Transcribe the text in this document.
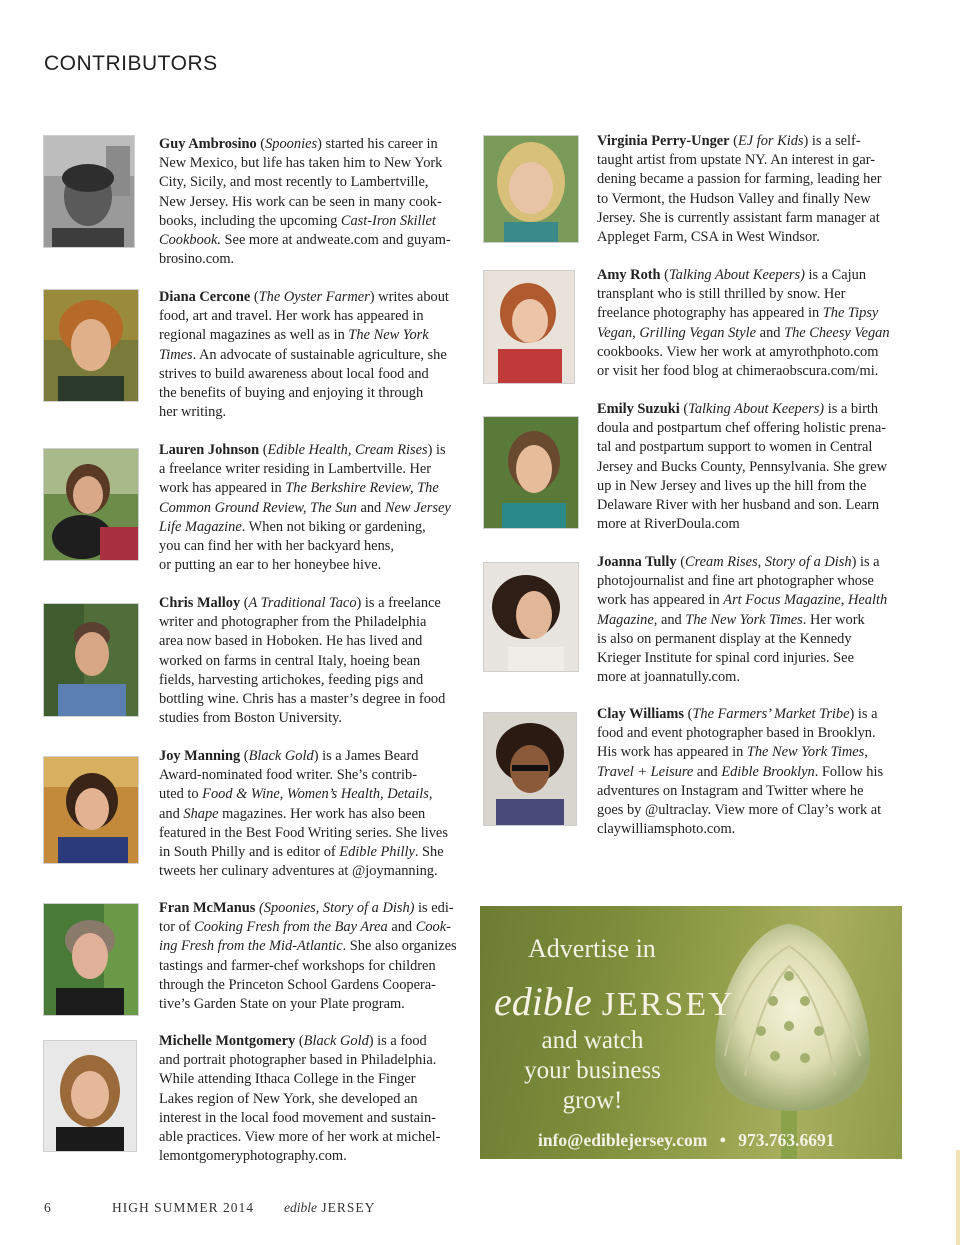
CONTRIBUTORS
Guy Ambrosino (Spoonies) started his career in
New Mexico, but life has taken him to New York
City, Sicily, and most recently to Lambertville,
New Jersey. His work can be seen in many cook-
books, including the upcoming Cast-Iron Skillet
Cookbook. See more at andweate.com and guyam-
brosino.com.
Diana Cercone (The Oyster Farmer) writes about
food, art and travel. Her work has appeared in
regional magazines as well as in The New York
Times. An advocate of sustainable agriculture, she
strives to build awareness about local food and
the benefits of buying and enjoying it through
her writing.
Lauren Johnson (Edible Health, Cream Rises) is
a freelance writer residing in Lambertville. Her
work has appeared in The Berkshire Review, The
Common Ground Review, The Sun and New Jersey
Life Magazine. When not biking or gardening,
you can find her with her backyard hens,
or putting an ear to her honeybee hive.
Chris Malloy (A Traditional Taco) is a freelance
writer and photographer from the Philadelphia
area now based in Hoboken. He has lived and
worked on farms in central Italy, hoeing bean
fields, harvesting artichokes, feeding pigs and
bottling wine. Chris has a master’s degree in food
studies from Boston University.
Joy Manning (Black Gold) is a James Beard
Award-nominated food writer. She’s contrib-
uted to Food & Wine, Women’s Health, Details,
and Shape magazines. Her work has also been
featured in the Best Food Writing series. She lives
in South Philly and is editor of Edible Philly. She
tweets her culinary adventures at @joymanning.
Fran McManus (Spoonies, Story of a Dish) is edi-
tor of Cooking Fresh from the Bay Area and Cook-
ing Fresh from the Mid-Atlantic. She also organizes
tastings and farmer-chef workshops for children
through the Princeton School Gardens Coopera-
tive’s Garden State on your Plate program.
Michelle Montgomery (Black Gold) is a food
and portrait photographer based in Philadelphia.
While attending Ithaca College in the Finger
Lakes region of New York, she developed an
interest in the local food movement and sustain-
able practices. View more of her work at michel-
lemontgomeryphotography.com.
Virginia Perry-Unger (EJ for Kids) is a self-
taught artist from upstate NY. An interest in gar-
dening became a passion for farming, leading her
to Vermont, the Hudson Valley and finally New
Jersey. She is currently assistant farm manager at
Appleget Farm, CSA in West Windsor.
Amy Roth (Talking About Keepers) is a Cajun
transplant who is still thrilled by snow. Her
freelance photography has appeared in The Tipsy
Vegan, Grilling Vegan Style and The Cheesy Vegan
cookbooks. View her work at amyrothphoto.com
or visit her food blog at chimeraobscura.com/mi.
Emily Suzuki (Talking About Keepers) is a birth
doula and postpartum chef offering holistic prena-
tal and postpartum support to women in Central
Jersey and Bucks County, Pennsylvania. She grew
up in New Jersey and lives up the hill from the
Delaware River with her husband and son. Learn
more at RiverDoula.com
Joanna Tully (Cream Rises, Story of a Dish) is a
photojournalist and fine art photographer whose
work has appeared in Art Focus Magazine, Health
Magazine, and The New York Times. Her work
is also on permanent display at the Kennedy
Krieger Institute for spinal cord injuries. See
more at joannatully.com.
Clay Williams (The Farmers’ Market Tribe) is a
food and event photographer based in Brooklyn.
His work has appeared in The New York Times,
Travel + Leisure and Edible Brooklyn. Follow his
adventures on Instagram and Twitter where he
goes by @ultraclay. View more of Clay’s work at
claywilliamsphoto.com.
Advertise in
edible JERSEY
and watch
your business
grow!
info@ediblejersey.com • 973.763.6691
6	HIGH SUMMER 2014 edible JERSEY
